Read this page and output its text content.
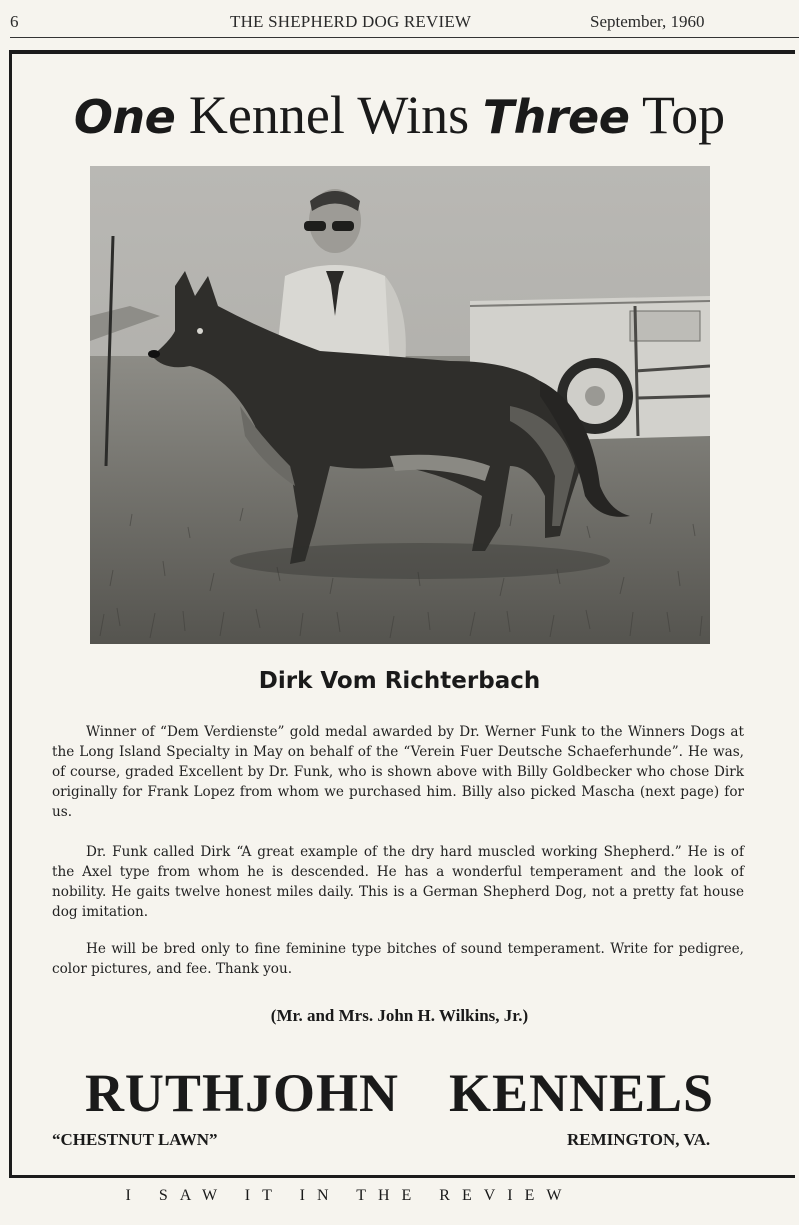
6	THE SHEPHERD DOG REVIEW	September, 1960
One Kennel Wins Three Top
Dirk Vom Richterbach
Winner of “Dem Verdienste” gold medal awarded by Dr. Werner Funk to the Winners Dogs at the Long Island Specialty in May on behalf of the “Verein Fuer Deutsche Schaeferhunde”. He was, of course, graded Excellent by Dr. Funk, who is shown above with Billy Goldbecker who chose Dirk originally for Frank Lopez from whom we purchased him. Billy also picked Mascha (next page) for us.
Dr. Funk called Dirk “A great example of the dry hard muscled working Shepherd.” He is of the Axel type from whom he is descended. He has a wonderful temperament and the look of nobility. He gaits twelve honest miles daily. This is a German Shepherd Dog, not a pretty fat house dog imitation.
He will be bred only to fine feminine type bitches of sound temperament. Write for pedigree, color pictures, and fee. Thank you.
(Mr. and Mrs. John H. Wilkins, Jr.)
RUTHJOHN KENNELS
“CHESTNUT LAWN”	REMINGTON, VA.
I SAW IT IN THE REVIEW
